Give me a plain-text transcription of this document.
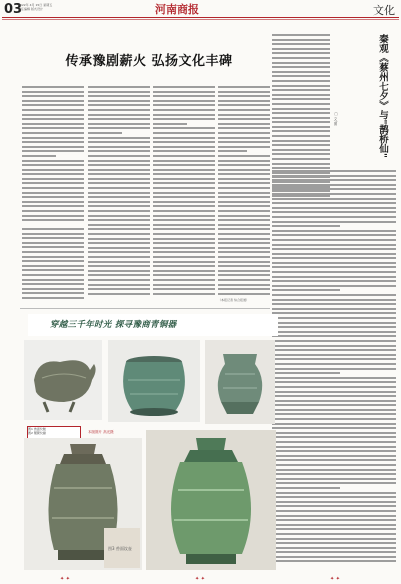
03
2022年 4月 15日 星期五
责任编辑 版式设计	河南商报	文化
传承豫剧薪火 弘扬文化丰碑
（本报记者 综合报道）
秦观《蔡州七夕》与"鹊桥仙"
□ 文/图
穿越三千年时光 探寻豫商青铜器
图1 兽面纹觥
图2 饕餮纹罍	本版图片 高光摄
图3 兽面纹壶
✦ ✦	✦ ✦	✦ ✦
